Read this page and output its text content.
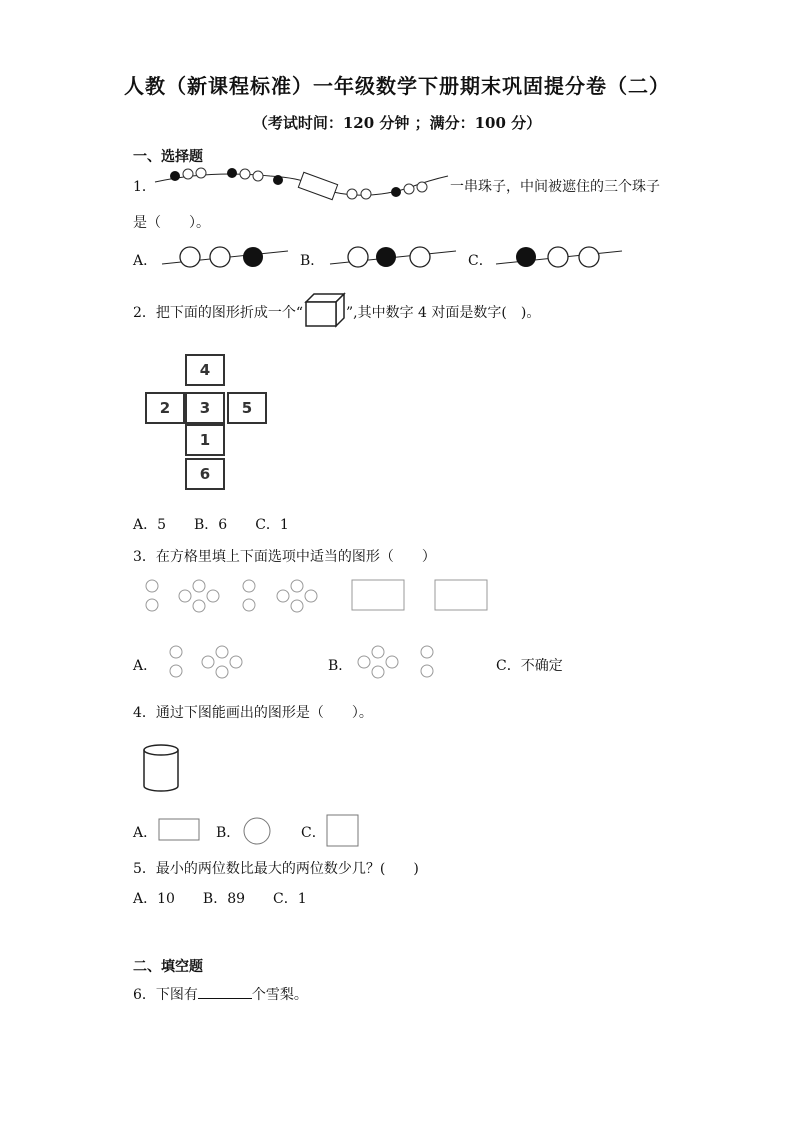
人教（新课程标准）一年级数学下册期末巩固提分卷（二）
（考试时间：120 分钟 ；满分：100 分）
一、选择题
1．	一串珠子，中间被遮住的三个珠子
是（　　）。
A．	B．	C．
2．把下面的图形折成一个“	”,其中数字 4 对面是数字(　)。
4
2	3	5
1
6
A．5　　B．6　　C．1
3．在方格里填上下面选项中适当的图形（　　）
A．	B．	C．不确定
4．通过下图能画出的图形是（　　）。
A．	B．	C．
5．最小的两位数比最大的两位数少几？(　　)
A．10　　B．89　　C．1
二、填空题
6．下图有	个雪梨。
